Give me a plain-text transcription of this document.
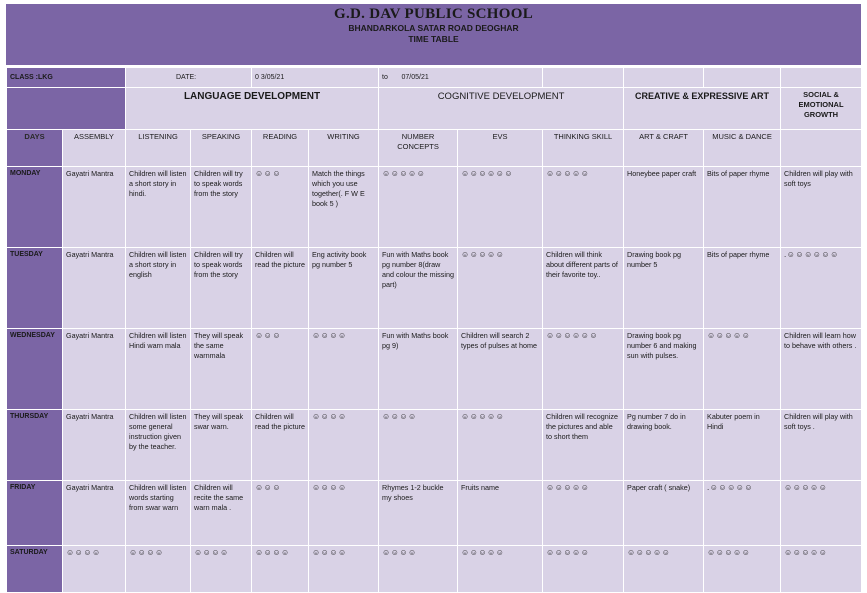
G.D. DAV PUBLIC SCHOOL
BHANDARKOLA SATAR ROAD DEOGHAR
TIME TABLE
CLASS :LKG		DATE:		0 3/05/21		to 07/05/21					
		LANGUAGE DEVELOPMENT				COGNITIVE DEVELOPMENT			CREATIVE & EXPRESSIVE ART		SOCIAL & EMOTIONAL GROWTH
DAYS	ASSEMBLY	LISTENING	SPEAKING	READING	WRITING	NUMBER CONCEPTS	EVS	THINKING SKILL	ART & CRAFT	MUSIC & DANCE	
MONDAY	Gayatri Mantra	Children will listen a short story in hindi.	Children will try to speak words from the story	☺☺☺	Match the things which you use together(. F W E book 5 )	☺☺☺☺☺	☺☺☺☺☺☺	☺☺☺☺☺	Honeybee paper craft	Bits of paper rhyme	Children will play with soft toys
TUESDAY	Gayatri Mantra	Children will listen a short story in english	Children will try to speak words from the story	Children will read the picture	Eng activity book pg number 5	Fun with Maths book pg number 8(draw and colour the missing part)	☺☺☺☺☺	Children will think about different parts of their favorite toy..	Drawing book pg number 5	Bits of paper rhyme	.☺☺☺☺☺☺
WEDNESDAY	Gayatri Mantra	Children will listen Hindi warn mala	They will speak the same warnmala	☺☺☺	☺☺☺☺	Fun with Maths book pg 9)	Children will search 2 types of pulses at home	☺☺☺☺☺☺	Drawing book pg number 6 and making sun with pulses.	☺☺☺☺☺	Children will learn how to behave with others .
THURSDAY	Gayatri Mantra	Children will listen some general instruction given by the teacher.	They will speak swar warn.	Children will read the picture	☺☺☺☺	☺☺☺☺	☺☺☺☺☺	Children will recognize the pictures and able to short them	Pg number 7 do in drawing book.	Kabuter poem in Hindi	Children will play with soft toys .
FRIDAY	Gayatri Mantra	Children will listen words starting from swar warn	Children will recite the same warn mala .	☺☺☺	☺☺☺☺	Rhymes 1-2 buckle my shoes	Fruits name	☺☺☺☺☺	Paper craft ( snake)	.☺☺☺☺☺	☺☺☺☺☺
SATURDAY	☺☺☺☺	☺☺☺☺	☺☺☺☺	☺☺☺☺	☺☺☺☺	☺☺☺☺	☺☺☺☺☺	☺☺☺☺☺	☺☺☺☺☺	☺☺☺☺☺	☺☺☺☺☺
